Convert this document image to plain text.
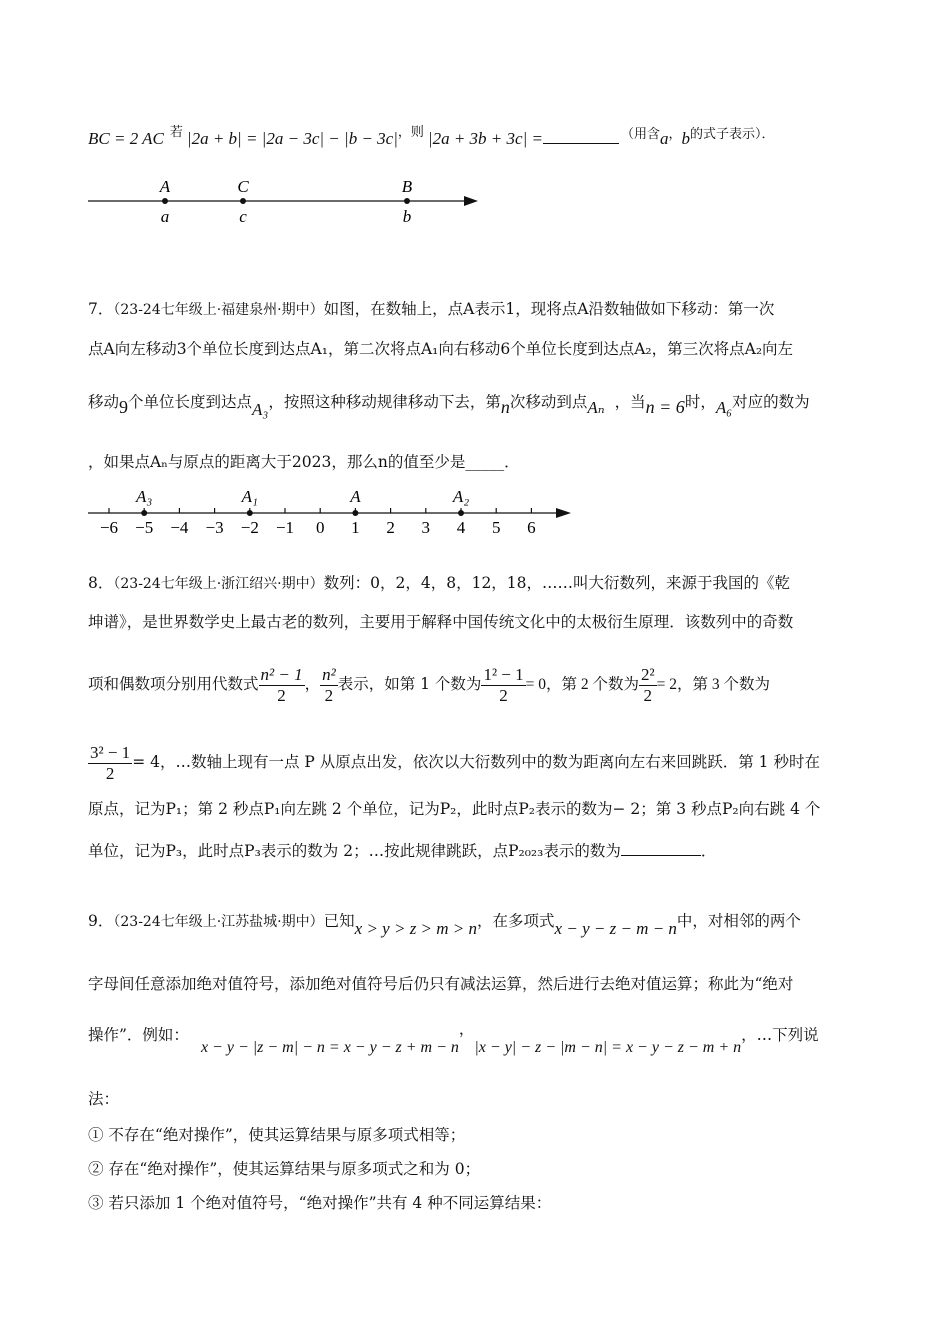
BC = 2 AC $^若$ $|2a + b| = |2a - 3c| - |b - 3c|^{,则}$ |2a + 3b + 3c| =	$^{(用含}a^,b^{的式子表示).}$
A
a
C
c
B
b
7．（23-24七年级上·福建泉州·期中）如图，在数轴上，点A表示1，现将点A沿数轴做如下移动：第一次
点A向左移动3个单位长度到达点A₁，第二次将点A₁向右移动6个单位长度到达点A₂，第三次将点A₂向左
移动9个单位长度到达点A₃，按照这种移动规律移动下去，第n次移动到点Aₙ ，当n = 6时，A₆对应的数为
，如果点Aₙ与原点的距离大于2023，那么n的值至少是_____．
−6 −5 −4 −3 −2 −1 0 1 2 3 4 5 6
A₃	A₁	A	A₂
8．（23-24七年级上·浙江绍兴·期中）数列：0，2，4，8，12，18，……叫大衍数列，来源于我国的《乾
坤谱》，是世界数学史上最古老的数列，主要用于解释中国传统文化中的太极衍生原理．该数列中的奇数
项和偶数项分别用代数式 $\frac{\text{n² − 1}}{2}$ ， $\frac{\text{n²}}{2}$ 表示，如第 1 个数为 $\frac{\text{1² − 1}}{2} = 0$，第 2 个数为 $\frac{\text{2²}}{2} = 2$，第 3 个数为
$\frac{\text{3² − 1}}{2} = 4$，…数轴上现有一点 P 从原点出发，依次以大衍数列中的数为距离向左右来回跳跃．第 1 秒时在
原点，记为P₁；第 2 秒点P₁向左跳 2 个单位，记为P₂，此时点P₂表示的数为− 2；第 3 秒点P₂向右跳 4 个
单位，记为P₃，此时点P₃表示的数为 2；…按此规律跳跃，点P₂₀₂₃表示的数为	．
9．（23-24七年级上·江苏盐城·期中）已知x > y > z > m > n，在多项式x − y − z − m − n中，对相邻的两个
字母间任意添加绝对值符号，添加绝对值符号后仍只有减法运算，然后进行去绝对值运算；称此为“绝对
操作”．例如：x − y − |z − m| − n = x − y − z + m − n，|x − y| − z − |m − n| = x − y − z − m + n，…下列说
法：
① 不存在“绝对操作”，使其运算结果与原多项式相等；
② 存在“绝对操作”，使其运算结果与原多项式之和为 0；
③ 若只添加 1 个绝对值符号，“绝对操作”共有 4 种不同运算结果：
